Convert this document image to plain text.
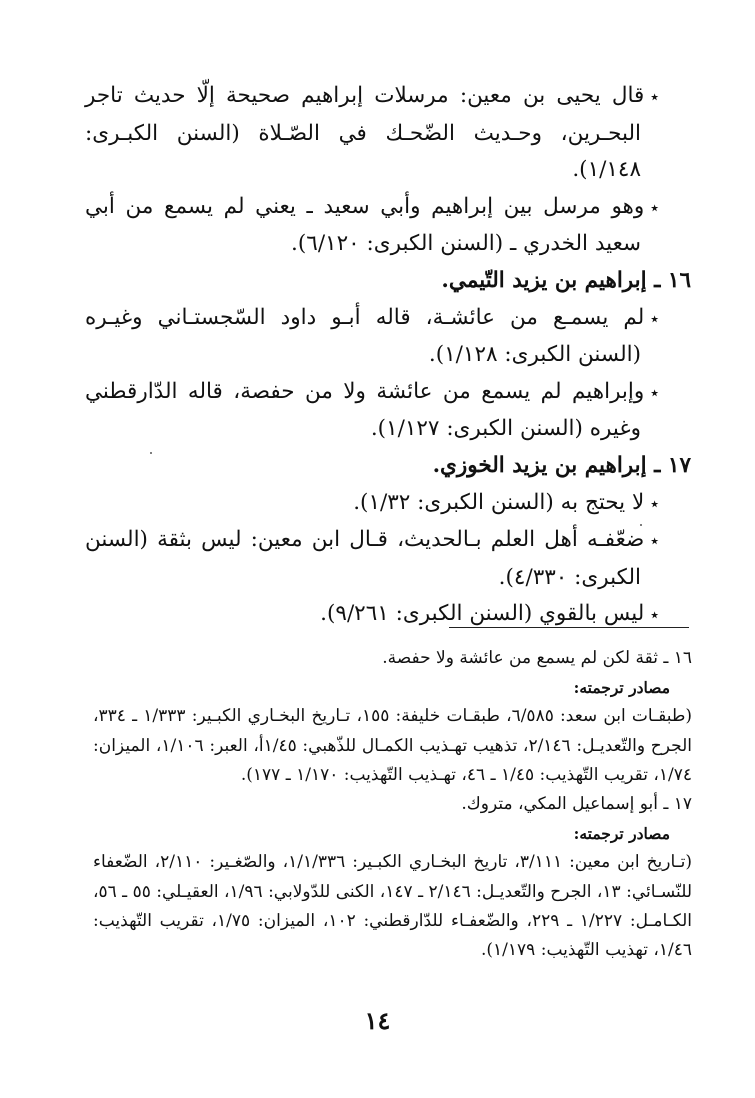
٭قال يحيى بن معين: مرسلات إبراهيم صحيحة إلّا حديث تاجر البحـرين، وحـديث الضّحـك في الصّـلاة (السنن الكبـرى: ١/١٤٨).

٭وهو مرسل بين إبراهيم وأبي سعيد ـ يعني لم يسمع من أبي سعيد الخدري ـ (السنن الكبرى: ٦/١٢٠).

١٦ ـ إبراهيم بن يزيد التّيمي.

٭لم يسمـع من عائشـة، قاله أبـو داود السّجستـاني وغيـره (السنن الكبرى: ١/١٢٨).

٭وإبراهيم لم يسمع من عائشة ولا من حفصة، قاله الدّارقطني وغيره (السنن الكبرى: ١/١٢٧).

١٧ ـ إبراهيم بن يزيد الخوزي.

٭لا يحتج به (السنن الكبرى: ١/٣٢).

٭ضعّفـه أهل العلم بـالحديث، قـال ابن معين: ليس بثقة (السنن الكبرى: ٤/٣٣٠).

٭ليس بالقوي (السنن الكبرى: ٩/٢٦١).

١٦ ـ ثقة لكن لم يسمع من عائشة ولا حفصة.

مصادر ترجمته:

(طبقـات ابن سعد: ٦/٥٨٥، طبقـات خليفة: ١٥٥، تـاريخ البخـاري الكبـير: ١/٣٣٣ ـ ٣٣٤، الجرح والتّعديـل: ٢/١٤٦، تذهيب تهـذيب الكمـال للذّهبي: ١/٤٥أ، العبر: ١/١٠٦، الميزان: ١/٧٤، تقريب التّهذيب: ١/٤٥ ـ ٤٦، تهـذيب التّهذيب: ١/١٧٠ ـ ١٧٧).

١٧ ـ أبو إسماعيل المكي، متروك.

مصادر ترجمته:

(تـاريخ ابن معين: ٣/١١١، تاريخ البخـاري الكبـير: ١/١/٣٣٦، والصّغـير: ٢/١١٠، الضّعفاء للنّسـائي: ١٣، الجرح والتّعديـل: ٢/١٤٦ ـ ١٤٧، الكنى للدّولابي: ١/٩٦، العقيـلي: ٥٥ ـ ٥٦، الكـامـل: ١/٢٢٧ ـ ٢٢٩، والضّعفـاء للدّارقطني: ١٠٢، الميزان: ١/٧٥، تقريب التّهذيب: ١/٤٦، تهذيب التّهذيب: ١/١٧٩).

١٤
